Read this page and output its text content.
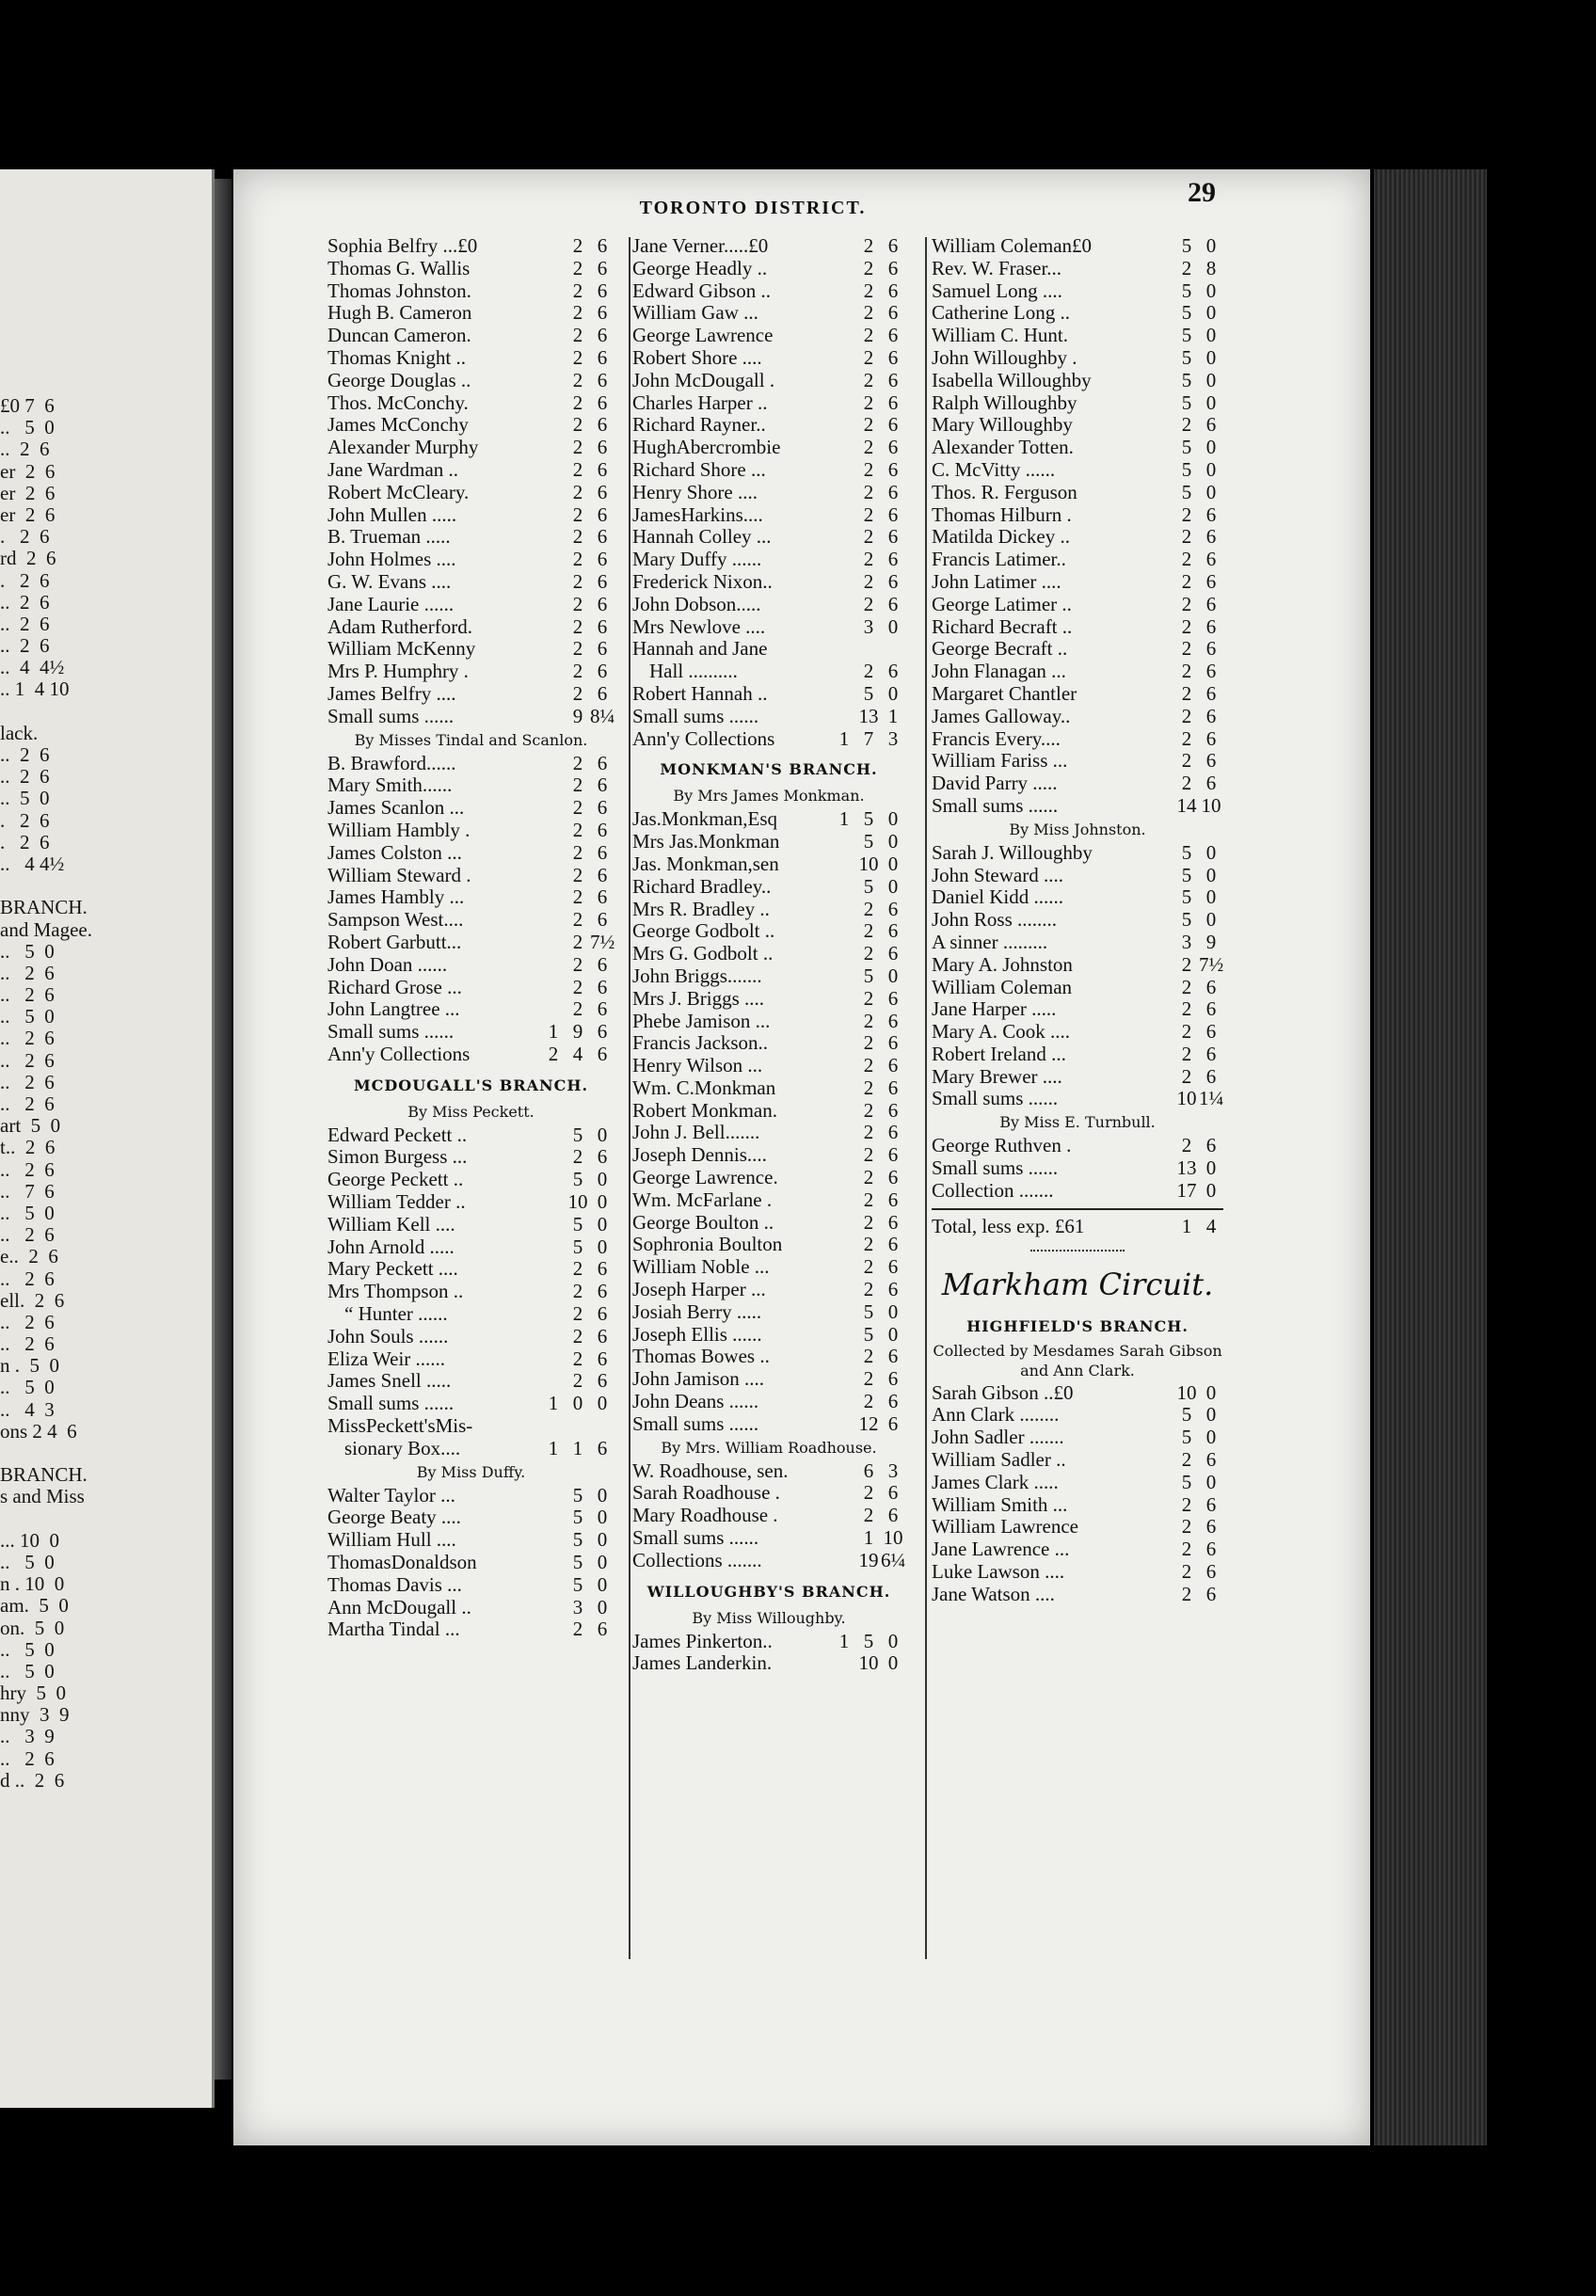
£0 7  6
..   5  0
..  2  6
er  2  6
er  2  6
er  2  6
.   2  6
rd  2  6
.   2  6
..  2  6
..  2  6
..  2  6
..  4  4½
.. 1  4 10
lack.
..  2  6
..  2  6
..  5  0
.   2  6
.   2  6
..   4 4½
BRANCH.
and Magee.
..   5  0
..   2  6
..   2  6
..   5  0
..   2  6
..   2  6
..   2  6
..   2  6
art  5  0
t..  2  6
..   2  6
..   7  6
..   5  0
..   2  6
e..  2  6
..   2  6
ell.  2  6
..   2  6
..   2  6
n .  5  0
..   5  0
..   4  3
ons 2 4  6
BRANCH.
s and Miss
... 10  0
..   5  0
n . 10  0
am.  5  0
on.  5  0
..   5  0
..   5  0
hry  5  0
nny  3  9
..   3  9
..   2  6
d ..  2  6
TORONTO DISTRICT.	29
Sophia Belfry ...£0	2 6
Thomas G. Wallis	2 6
Thomas Johnston.	2 6
Hugh B. Cameron	2 6
Duncan Cameron.	2 6
Thomas Knight ..	2 6
George Douglas ..	2 6
Thos. McConchy.	2 6
James McConchy	2 6
Alexander Murphy	2 6
Jane Wardman ..	2 6
Robert McCleary.	2 6
John Mullen .....	2 6
B. Trueman .....	2 6
John Holmes ....	2 6
G. W. Evans ....	2 6
Jane Laurie ......	2 6
Adam Rutherford.	2 6
William McKenny	2 6
Mrs P. Humphry .	2 6
James Belfry ....	2 6
Small sums ......	9 8¼
By Misses Tindal and Scanlon.
B. Brawford......	2 6
Mary Smith......	2 6
James Scanlon ...	2 6
William Hambly .	2 6
James Colston ...	2 6
William Steward .	2 6
James Hambly ...	2 6
Sampson West....	2 6
Robert Garbutt...	2 7½
John Doan ......	2 6
Richard Grose ...	2 6
John Langtree ...	2 6
Small sums ......	1 9 6
Ann'y Collections	2 4 6
MCDOUGALL'S BRANCH.
By Miss Peckett.
Edward Peckett ..	5 0
Simon Burgess ...	2 6
George Peckett ..	5 0
William Tedder ..	10 0
William Kell ....	5 0
John Arnold .....	5 0
Mary Peckett ....	2 6
Mrs Thompson ..	2 6
“ Hunter ......	2 6
John Souls ......	2 6
Eliza Weir ......	2 6
James Snell .....	2 6
Small sums ......	1 0 0
MissPeckett'sMis-
sionary Box....	1 1 6
By Miss Duffy.
Walter Taylor ...	5 0
George Beaty ....	5 0
William Hull ....	5 0
ThomasDonaldson	5 0
Thomas Davis ...	5 0
Ann McDougall ..	3 0
Martha Tindal ...	2 6
Jane Verner.....£0	2 6
George Headly ..	2 6
Edward Gibson ..	2 6
William Gaw ...	2 6
George Lawrence	2 6
Robert Shore ....	2 6
John McDougall .	2 6
Charles Harper ..	2 6
Richard Rayner..	2 6
HughAbercrombie	2 6
Richard Shore ...	2 6
Henry Shore ....	2 6
JamesHarkins....	2 6
Hannah Colley ...	2 6
Mary Duffy ......	2 6
Frederick Nixon..	2 6
John Dobson.....	2 6
Mrs Newlove ....	3 0
Hannah and Jane
Hall ..........	2 6
Robert Hannah ..	5 0
Small sums ......	13 1
Ann'y Collections	1 7 3
MONKMAN'S BRANCH.
By Mrs James Monkman.
Jas.Monkman,Esq	1 5 0
Mrs Jas.Monkman	5 0
Jas. Monkman,sen	10 0
Richard Bradley..	5 0
Mrs R. Bradley ..	2 6
George Godbolt ..	2 6
Mrs G. Godbolt ..	2 6
John Briggs.......	5 0
Mrs J. Briggs ....	2 6
Phebe Jamison ...	2 6
Francis Jackson..	2 6
Henry Wilson ...	2 6
Wm. C.Monkman	2 6
Robert Monkman.	2 6
John J. Bell.......	2 6
Joseph Dennis....	2 6
George Lawrence.	2 6
Wm. McFarlane .	2 6
George Boulton ..	2 6
Sophronia Boulton	2 6
William Noble ...	2 6
Joseph Harper ...	2 6
Josiah Berry .....	5 0
Joseph Ellis ......	5 0
Thomas Bowes ..	2 6
John Jamison ....	2 6
John Deans ......	2 6
Small sums ......	12 6
By Mrs. William Roadhouse.
W. Roadhouse, sen.	6 3
Sarah Roadhouse .	2 6
Mary Roadhouse .	2 6
Small sums ......	1 10
Collections .......	19 6¼
WILLOUGHBY'S BRANCH.
By Miss Willoughby.
James Pinkerton..	1 5 0
James Landerkin.	10 0
William Coleman£0	5 0
Rev. W. Fraser...	2 8
Samuel Long ....	5 0
Catherine Long ..	5 0
William C. Hunt.	5 0
John Willoughby .	5 0
Isabella Willoughby	5 0
Ralph Willoughby	5 0
Mary Willoughby	2 6
Alexander Totten.	5 0
C. McVitty ......	5 0
Thos. R. Ferguson	5 0
Thomas Hilburn .	2 6
Matilda Dickey ..	2 6
Francis Latimer..	2 6
John Latimer ....	2 6
George Latimer ..	2 6
Richard Becraft ..	2 6
George Becraft ..	2 6
John Flanagan ...	2 6
Margaret Chantler	2 6
James Galloway..	2 6
Francis Every....	2 6
William Fariss ...	2 6
David Parry .....	2 6
Small sums ......	14 10
By Miss Johnston.
Sarah J. Willoughby	5 0
John Steward ....	5 0
Daniel Kidd ......	5 0
John Ross ........	5 0
A sinner .........	3 9
Mary A. Johnston	2 7½
William Coleman	2 6
Jane Harper .....	2 6
Mary A. Cook ....	2 6
Robert Ireland ...	2 6
Mary Brewer ....	2 6
Small sums ......	10 1¼
By Miss E. Turnbull.
George Ruthven .	2 6
Small sums ......	13 0
Collection .......	17 0
Total, less exp. £61	1 4
Markham Circuit.
HIGHFIELD'S BRANCH.
Collected by Mesdames Sarah Gibson and Ann Clark.
Sarah Gibson ..£0	10 0
Ann Clark ........	5 0
John Sadler .......	5 0
William Sadler ..	2 6
James Clark .....	5 0
William Smith ...	2 6
William Lawrence	2 6
Jane Lawrence ...	2 6
Luke Lawson ....	2 6
Jane Watson ....	2 6
